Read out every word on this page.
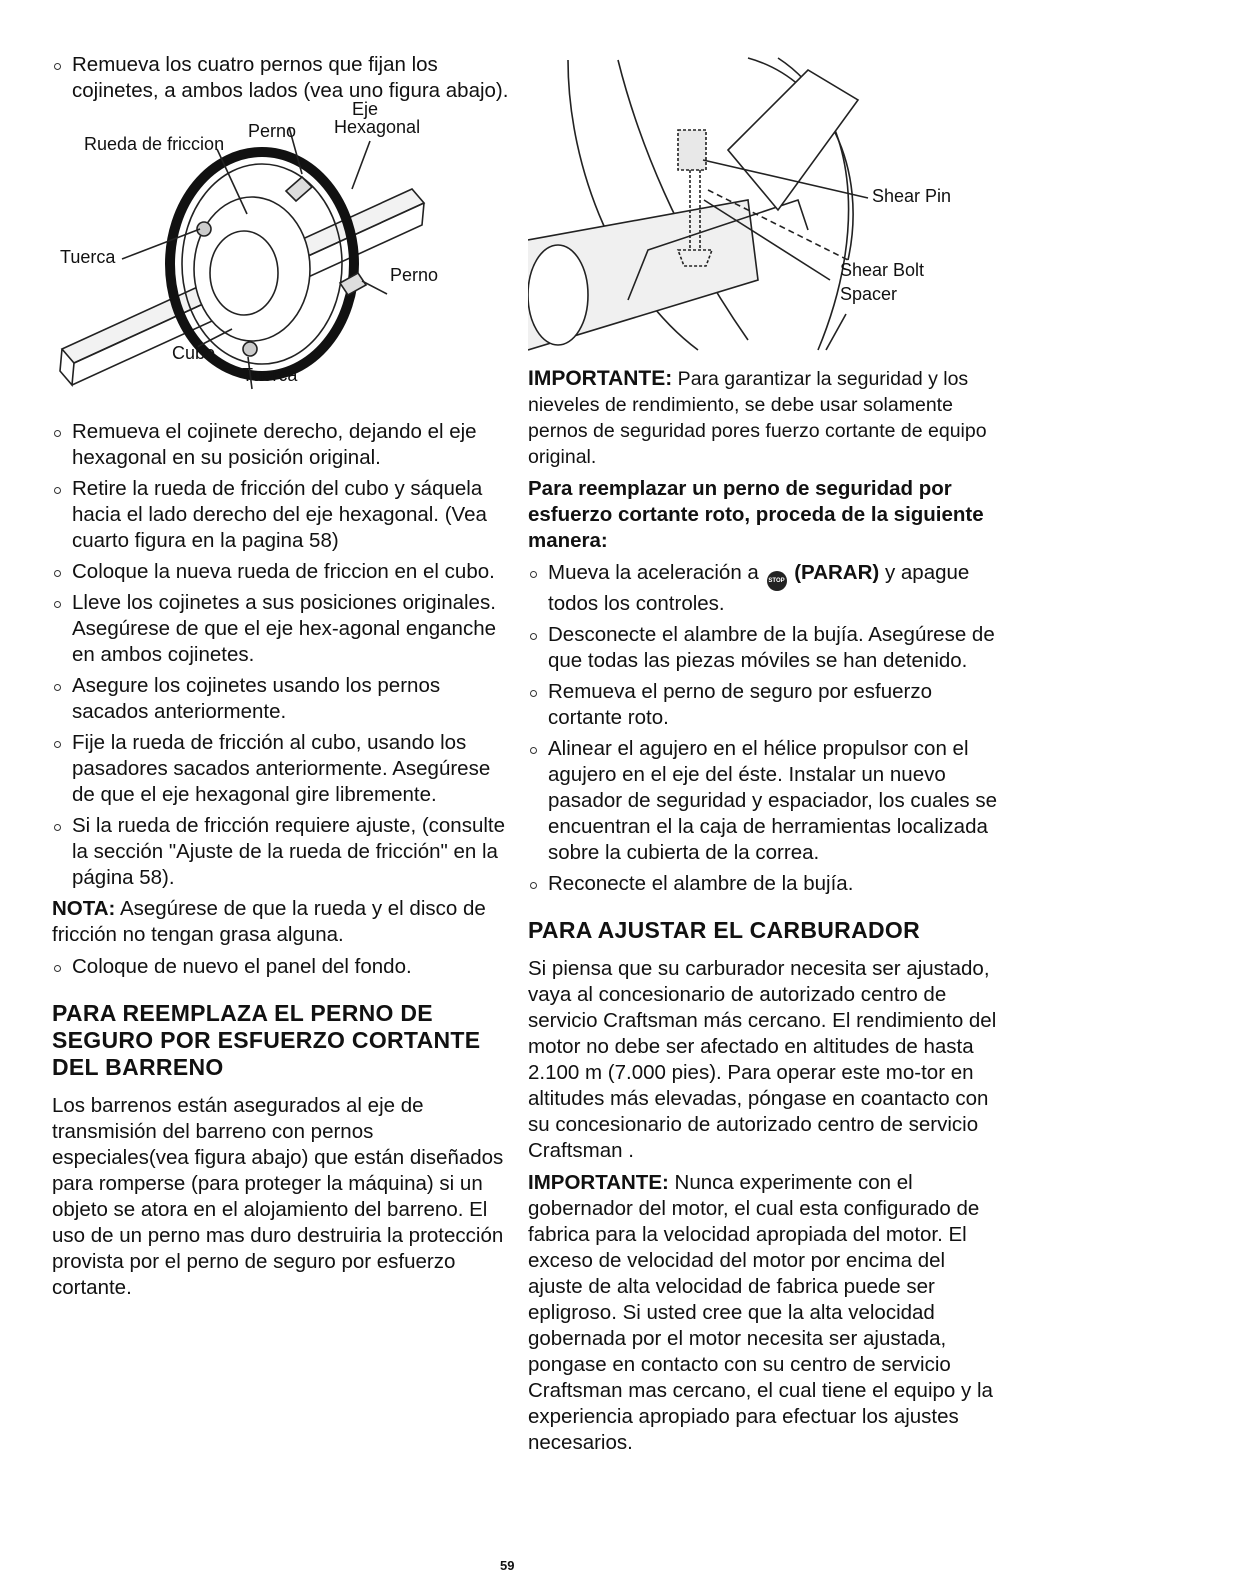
Remueva los cuatro pernos que fijan los cojinetes, a ambos lados (vea uno figura abajo).
Eje
Hexagonal
Perno
Rueda de friccion
Tuerca
Perno
Cubo
Tuerca
Remueva el cojinete derecho, dejando el eje hexagonal en su posición original.
Retire la rueda de fricción del cubo y sáquela hacia el lado derecho del eje hexagonal. (Vea cuarto figura en la pagina 58)
Coloque la nueva rueda de friccion en el cubo.
Lleve los cojinetes a sus posiciones originales. Asegúrese de que el eje hex-agonal enganche en ambos cojinetes.
Asegure los cojinetes usando los pernos sacados anteriormente.
Fije la rueda de fricción al cubo, usando los pasadores sacados anteriormente. Asegúrese de que el eje hexagonal gire libremente.
Si la rueda de fricción requiere ajuste, (consulte la sección "Ajuste de la rueda de fricción" en la página 58).

NOTA: Asegúrese de que la rueda y el disco de fricción no tengan grasa alguna.

Coloque de nuevo el panel del fondo.
PARA REEMPLAZA EL PERNO DE SEGURO POR ESFUERZO CORTANTE DEL BARRENO

Los barrenos están asegurados al eje de transmisión del barreno con pernos especiales(vea figura abajo) que están diseñados para romperse (para proteger la máquina) si un objeto se atora en el alojamiento del barreno. El uso de un perno mas duro destruiria la protección provista por el perno de seguro por esfuerzo cortante.

Shear Pin
Shear Bolt
Spacer

IMPORTANTE: Para garantizar la seguridad y los nieveles de rendimiento, se debe usar solamente pernos de seguridad pores fuerzo cortante de equipo original.

Para reemplazar un perno de seguridad por esfuerzo cortante roto, proceda de la siguiente manera:
Mueva la aceleración a STOP (PARAR) y apague todos los controles.
Desconecte el alambre de la bujía. Asegúrese de que todas las piezas móviles se han detenido.
Remueva el perno de seguro por esfuerzo cortante roto.
Alinear el agujero en el hélice propulsor con el agujero en el eje del éste. Instalar un nuevo pasador de seguridad y espaciador, los cuales se encuentran el la caja de herramientas localizada sobre la cubierta de la correa.
Reconecte el alambre de la bujía.
PARA AJUSTAR EL CARBURADOR

Si piensa que su carburador necesita ser ajustado, vaya al concesionario de autorizado centro de servicio Craftsman más cercano. El rendimiento del motor no debe ser afectado en altitudes de hasta 2.100 m (7.000 pies). Para operar este mo-tor en altitudes más elevadas, póngase en coantacto con su concesionario de autorizado centro de servicio Craftsman .

IMPORTANTE: Nunca experimente con el gobernador del motor, el cual esta configurado de fabrica para la velocidad apropiada del motor. El exceso de velocidad del motor por encima del ajuste de alta velocidad de fabrica puede ser epligroso. Si usted cree que la alta velocidad gobernada por el motor necesita ser ajustada, pongase en contacto con su centro de servicio Craftsman mas cercano, el cual tiene el equipo y la experiencia apropiado para efectuar los ajustes necesarios.

59
